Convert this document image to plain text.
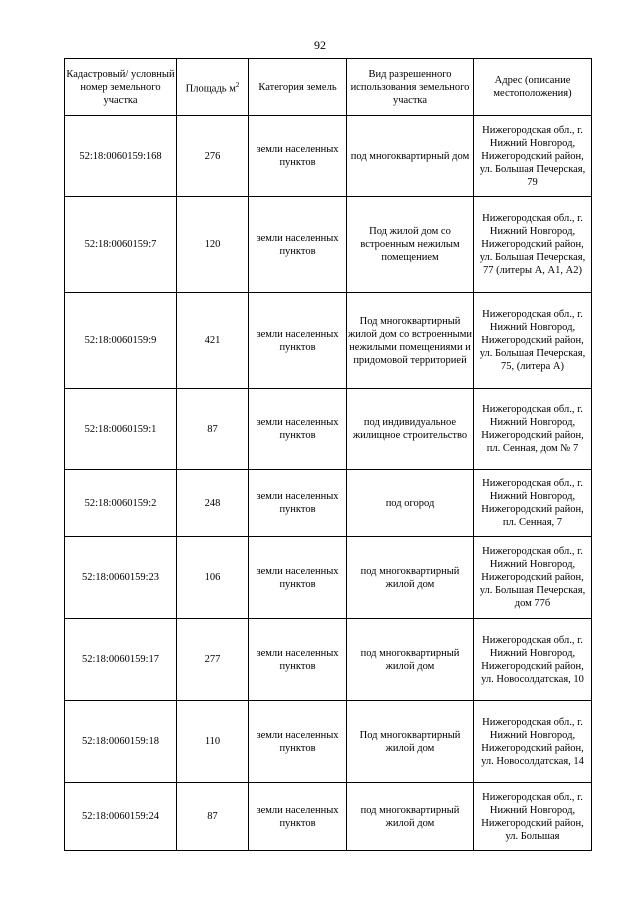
92
Кадастровый/ условный номер земельного участка	Площадь $м^2$	Категория земель	Вид разрешенного использования земельного участка	Адрес (описание местоположения)
52:18:0060159:168	276	земли населенных пунктов	под многоквартирный дом	Нижегородская обл., г. Нижний Новгород, Нижегородский район, ул. Большая Печерская, 79
52:18:0060159:7	120	земли населенных пунктов	Под жилой дом со встроенным нежилым помещением	Нижегородская обл., г. Нижний Новгород, Нижегородский район, ул. Большая Печерская, 77 (литеры А, А1, А2)
52:18:0060159:9	421	земли населенных пунктов	Под многоквартирный жилой дом со встроенными нежилыми помещениями и придомовой территорией	Нижегородская обл., г. Нижний Новгород, Нижегородский район, ул. Большая Печерская, 75, (литера А)
52:18:0060159:1	87	земли населенных пунктов	под индивидуальное жилищное строительство	Нижегородская обл., г. Нижний Новгород, Нижегородский район, пл. Сенная, дом № 7
52:18:0060159:2	248	земли населенных пунктов	под огород	Нижегородская обл., г. Нижний Новгород, Нижегородский район, пл. Сенная, 7
52:18:0060159:23	106	земли населенных пунктов	под многоквартирный жилой дом	Нижегородская обл., г. Нижний Новгород, Нижегородский район, ул. Большая Печерская, дом 77б
52:18:0060159:17	277	земли населенных пунктов	под многоквартирный жилой дом	Нижегородская обл., г. Нижний Новгород, Нижегородский район, ул. Новосолдатская, 10
52:18:0060159:18	110	земли населенных пунктов	Под многоквартирный жилой дом	Нижегородская обл., г. Нижний Новгород, Нижегородский район, ул. Новосолдатская, 14
52:18:0060159:24	87	земли населенных пунктов	под многоквартирный жилой дом	Нижегородская обл., г. Нижний Новгород, Нижегородский район, ул. Большая
